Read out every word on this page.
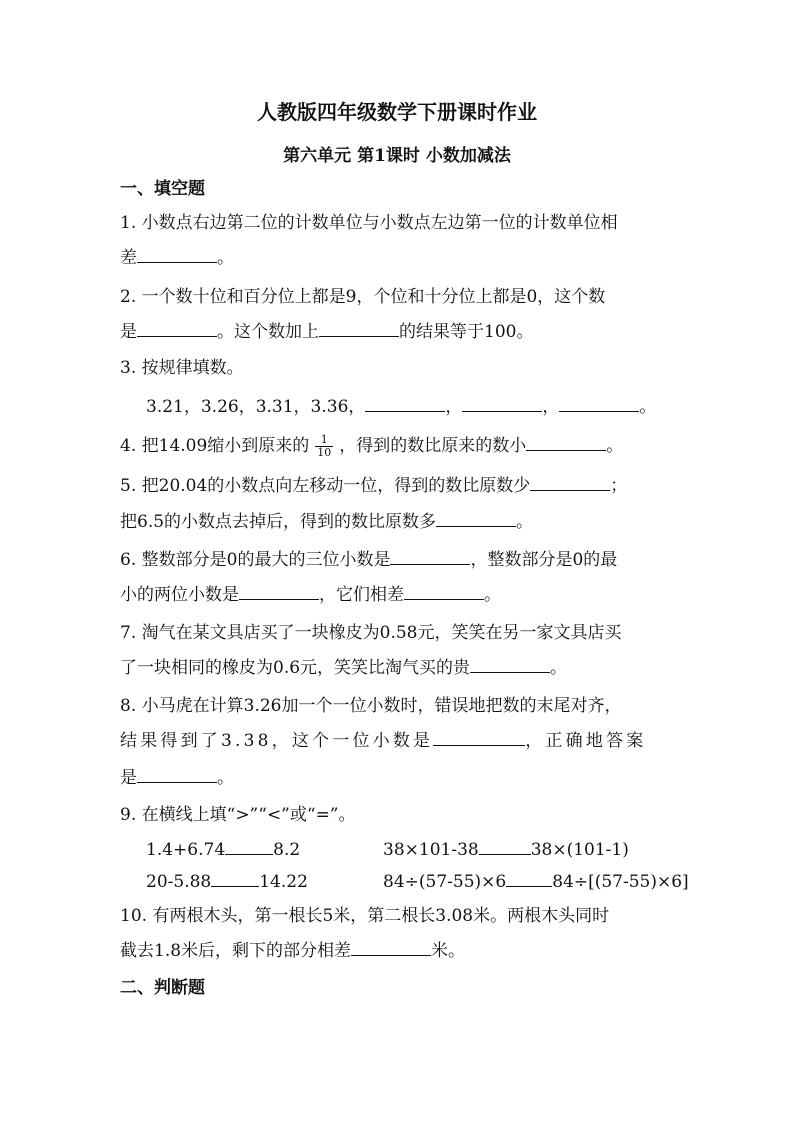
人教版四年级数学下册课时作业
第六单元 第1课时 小数加减法
一、填空题
1. 小数点右边第二位的计数单位与小数点左边第一位的计数单位相
差	。
2. 一个数十位和百分位上都是9，个位和十分位上都是0，这个数
是	。这个数加上	的结果等于100。
3. 按规律填数。
3.21，3.26，3.31，3.36，	，	，	。
4. 把14.09缩小到原来的 $\frac{1}{10}$ ，得到的数比原来的数小	。
5. 把20.04的小数点向左移动一位，得到的数比原数少	；
把6.5的小数点去掉后，得到的数比原数多	。
6. 整数部分是0的最大的三位小数是	，整数部分是0的最
小的两位小数是	，它们相差	。
7. 淘气在某文具店买了一块橡皮为0.58元，笑笑在另一家文具店买
了一块相同的橡皮为0.6元，笑笑比淘气买的贵	。
8. 小马虎在计算3.26加一个一位小数时，错误地把数的末尾对齐，
结果得到了3.38，这个一位小数是	，正确地答案
是	。
9. 在横线上填“>”“<”或“=”。
1.4+6.74	8.2	38×101-38	38×(101-1)
20-5.88	14.22	84÷(57-55)×6	84÷[(57-55)×6]
10. 有两根木头，第一根长5米，第二根长3.08米。两根木头同时
截去1.8米后，剩下的部分相差	米。
二、判断题
